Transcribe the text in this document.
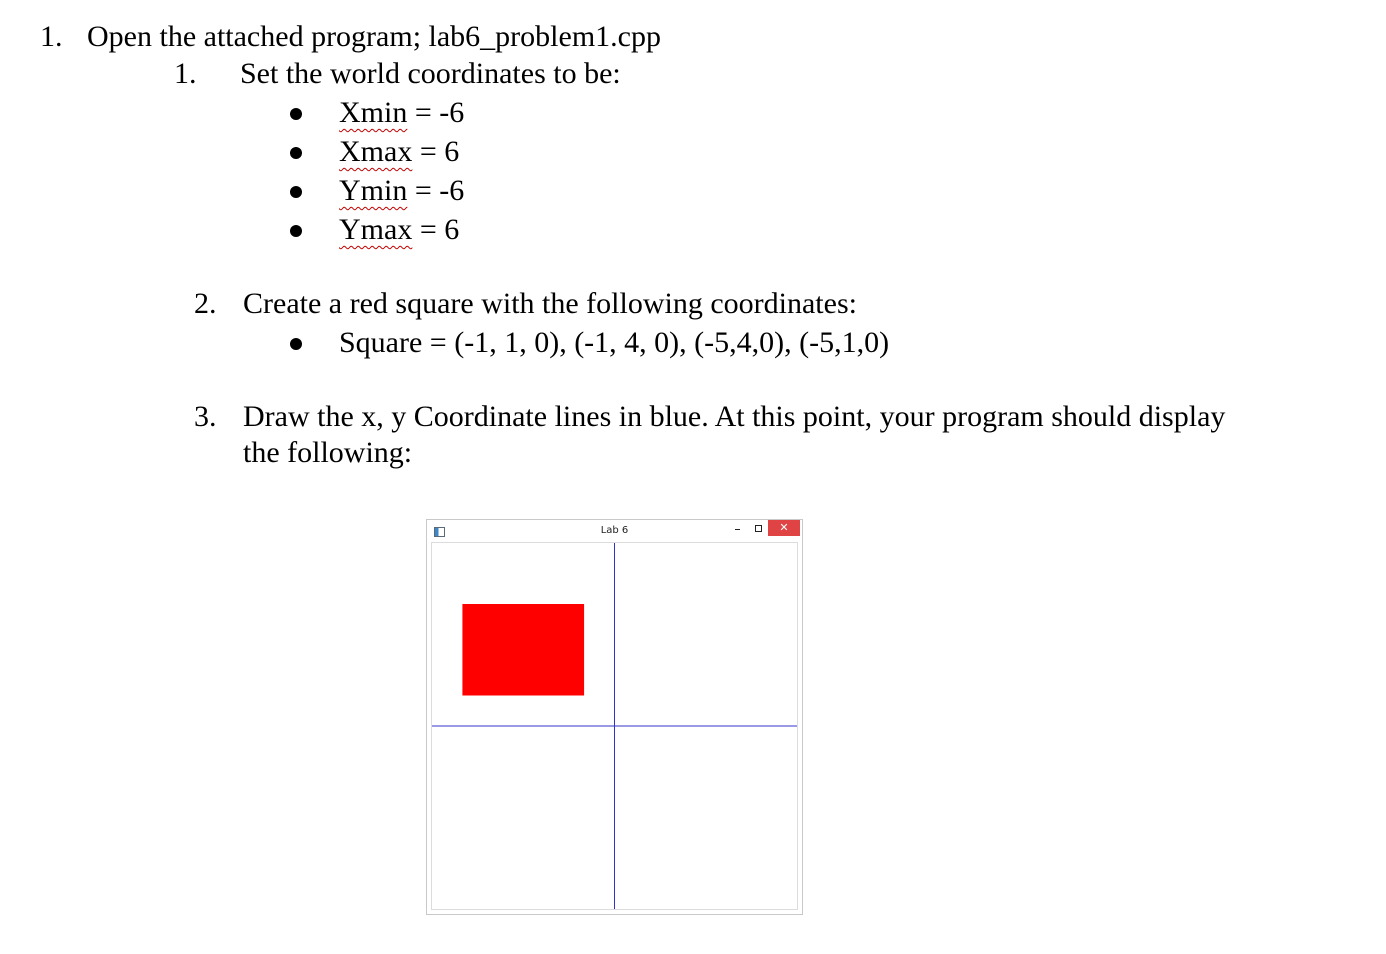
1. Open the attached program; lab6_problem1.cpp
1. Set the world coordinates to be:
Xmin = -6
Xmax = 6
Ymin = -6
Ymax = 6
2. Create a red square with the following coordinates:
Square = (-1, 1, 0), (-1, 4, 0), (-5,4,0), (-5,1,0)
3. Draw the x, y Coordinate lines in blue. At this point, your program should display
the following:
Lab 6	✕
